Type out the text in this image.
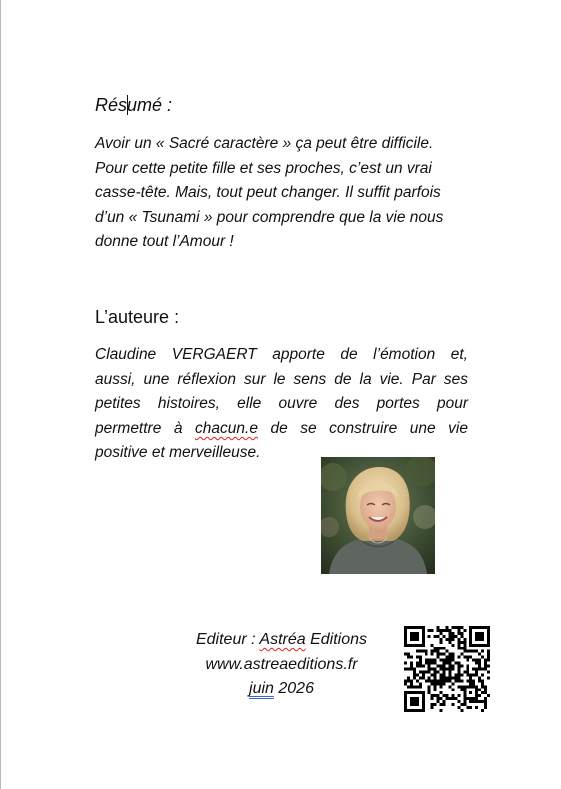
Résumé :

Avoir un « Sacré caractère » ça peut être difficile.
Pour cette petite fille et ses proches, c’est un vrai
casse-tête. Mais, tout peut changer. Il suffit parfois
d’un « Tsunami » pour comprendre que la vie nous
donne tout l’Amour !

L’auteure :

Claudine VERGAERT apporte de l’émotion et,
aussi, une réflexion sur le sens de la vie. Par ses
petites histoires, elle ouvre des portes pour
permettre à chacun.e de se construire une vie
positive et merveilleuse.

Editeur : Astréa Editions
www.astreaeditions.fr
juin 2026
